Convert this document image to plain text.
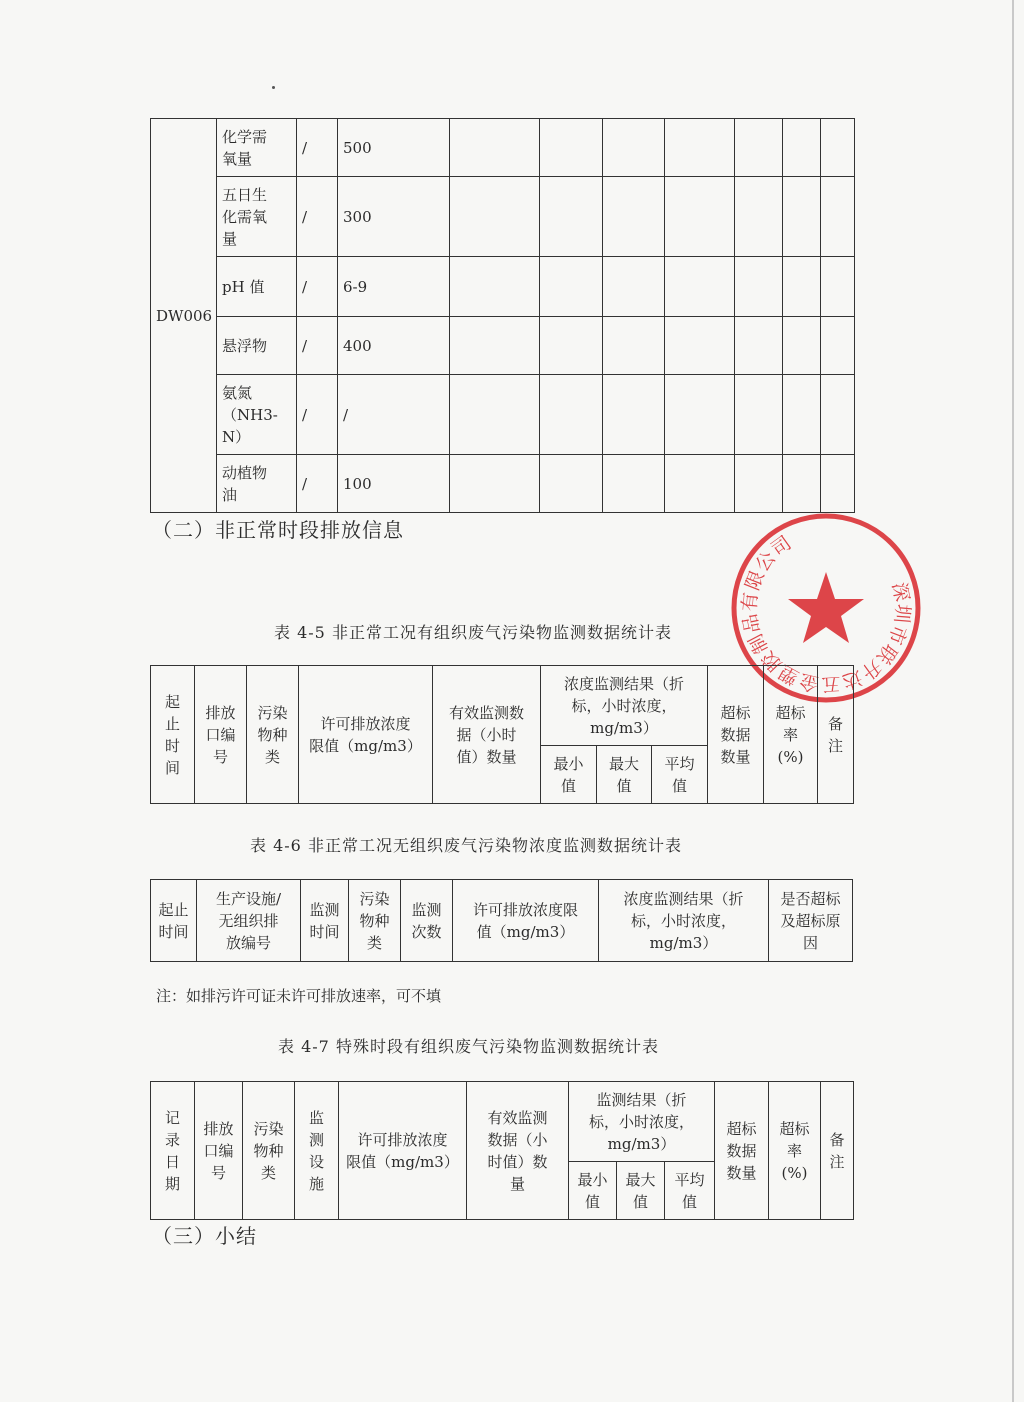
DW006	化学需
氧量	/	500							
	五日生
化需氧
量	/	300							
	pH 值	/	6-9							
	悬浮物	/	400							
	氨氮
（NH3-
N）	/	/							
	动植物
油	/	100							
（二）非正常时段排放信息
深圳市联升达五金塑胶制品有限公司
表 4-5 非正常工况有组织废气污染物监测数据统计表
起
止
时
间	排放
口编
号	污染
物种
类	许可排放浓度
限值（mg/m3）	有效监测数
据（小时
值）数量	浓度监测结果（折
标，小时浓度，
mg/m3）			超标
数据
数量	超标
率
(%)	备
注
					最小
值	最大
值	平均
值			
表 4-6 非正常工况无组织废气污染物浓度监测数据统计表
起止
时间	生产设施/
无组织排
放编号	监测
时间	污染
物种
类	监测
次数	许可排放浓度限
值（mg/m3）	浓度监测结果（折
标，小时浓度，
mg/m3）	是否超标
及超标原
因
注：如排污许可证未许可排放速率，可不填
表 4-7 特殊时段有组织废气污染物监测数据统计表
记
录
日
期	排放
口编
号	污染
物种
类	监
测
设
施	许可排放浓度
限值（mg/m3）	有效监测
数据（小
时值）数
量	监测结果（折
标，小时浓度，
mg/m3）			超标
数据
数量	超标
率
(%)	备
注
						最小
值	最大
值	平均
值			
（三）小结
